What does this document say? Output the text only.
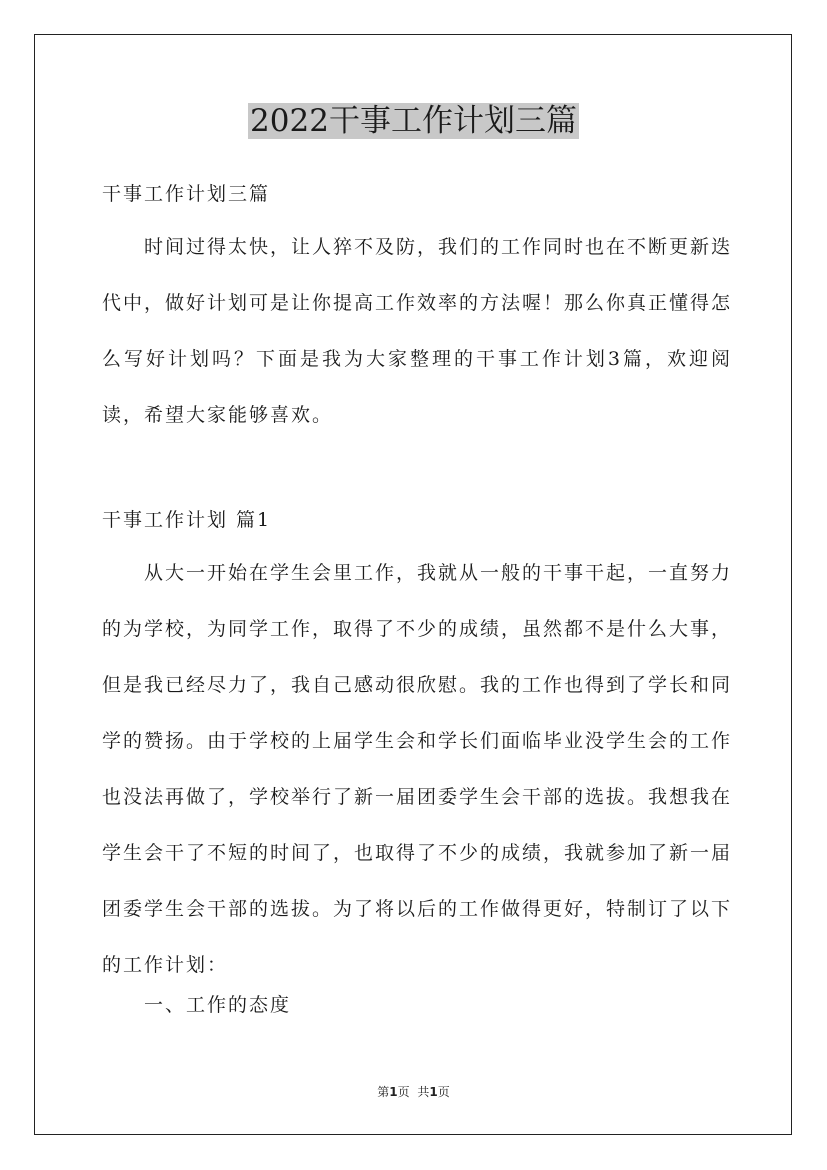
2022干事工作计划三篇
干事工作计划三篇
时间过得太快，让人猝不及防，我们的工作同时也在不断更新迭代中，做好计划可是让你提高工作效率的方法喔！那么你真正懂得怎么写好计划吗？下面是我为大家整理的干事工作计划3篇，欢迎阅读，希望大家能够喜欢。
干事工作计划 篇1
从大一开始在学生会里工作，我就从一般的干事干起，一直努力的为学校，为同学工作，取得了不少的成绩，虽然都不是什么大事，但是我已经尽力了，我自己感动很欣慰。我的工作也得到了学长和同学的赞扬。由于学校的上届学生会和学长们面临毕业没学生会的工作也没法再做了，学校举行了新一届团委学生会干部的选拔。我想我在学生会干了不短的时间了，也取得了不少的成绩，我就参加了新一届团委学生会干部的选拔。为了将以后的工作做得更好，特制订了以下的工作计划：
一、工作的态度
第1页 共1页
